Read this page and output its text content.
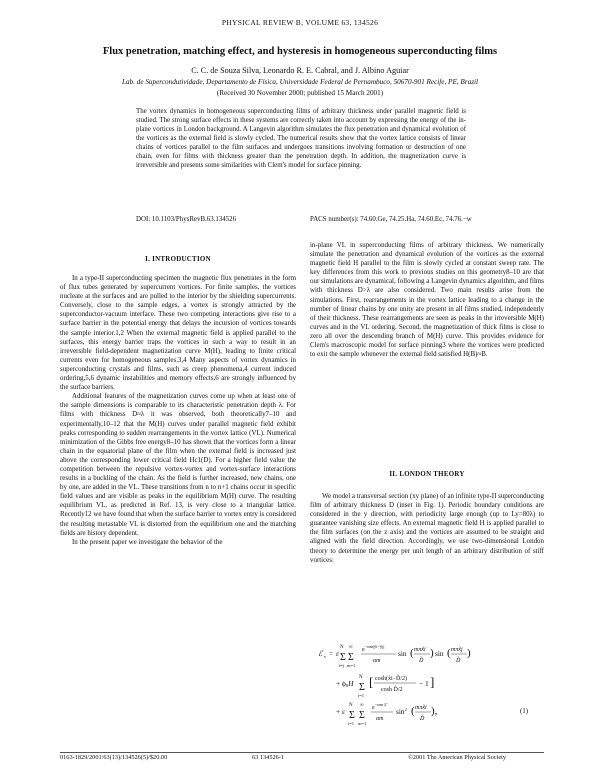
PHYSICAL REVIEW B, VOLUME 63, 134526
Flux penetration, matching effect, and hysteresis in homogeneous superconducting films
C. C. de Souza Silva, Leonardo R. E. Cabral, and J. Albino Aguiar
Lab. de Supercondutividade, Departamento de Física, Universidade Federal de Pernambuco, 50670-901 Recife, PE, Brazil
(Received 30 November 2000; published 15 March 2001)
The vortex dynamics in homogeneous superconducting films of arbitrary thickness under parallel magnetic field is studied. The strong surface effects in these systems are correctly taken into account by expressing the energy of the in-plane vortices in London background. A Langevin algorithm simulates the flux penetration and dynamical evolution of the vortices as the external field is slowly cycled. The numerical results show that the vortex lattice consists of linear chains of vortices parallel to the film surfaces and undergoes transitions involving formation or destruction of one chain, even for films with thickness greater than the penetration depth. In addition, the magnetization curve is irreversible and presents some similarities with Clem's model for surface pinning.
DOI: 10.1103/PhysRevB.63.134526	PACS number(s): 74.60.Ge, 74.25.Ha, 74.60.Ec, 74.76.−w
I. INTRODUCTION

In a type-II superconducting specimen the magnetic flux penetrates in the form of flux tubes generated by supercurrent vortices. For finite samples, the vortices nucleate at the surfaces and are pulled to the interior by the shielding supercurrents. Conversely, close to the sample edges, a vortex is strongly attracted by the superconductor-vacuum interface. These two competing interactions give rise to a surface barrier in the potential energy that delays the incursion of vortices towards the sample interior.1,2 When the external magnetic field is applied parallel to the surfaces, this energy barrier traps the vortices in such a way to result in an irreversible field-dependent magnetization curve M(H), leading to finite critical currents even for homogeneous samples.3,4 Many aspects of vortex dynamics in superconducting crystals and films, such as creep phenomena,4 current induced ordering,5,6 dynamic instabilities and memory effects,6 are strongly influenced by the surface barriers.

Additional features of the magnetization curves come up when at least one of the sample dimensions is comparable to its characteristic penetration depth λ. For films with thickness D≈λ it was observed, both theoretically7–10 and experimentally,10–12 that the M(H) curves under parallel magnetic field exhibit peaks corresponding to sudden rearrangements in the vortex lattice (VL). Numerical minimization of the Gibbs free energy8–10 has shown that the vortices form a linear chain in the equatorial plane of the film when the external field is increased just above the corresponding lower critical field Hc1(D). For a higher field value the competition between the repulsive vortex-vortex and vortex-surface interactions results in a buckling of the chain. As the field is further increased, new chains, one by one, are added in the VL. These transitions from n to n+1 chains occur in specific field values and are visible as peaks in the equilibrium M(H) curve. The resulting equilibrium VL, as predicted in Ref. 13, is very close to a triangular lattice. Recently12 we have found that when the surface barrier to vortex entry is considered the resulting metastable VL is distorted from the equilibrium one and the matching fields are history dependent.

In the present paper we investigate the behavior of the

in-plane VL in superconducting films of arbitrary thickness. We numerically simulate the penetration and dynamical evolution of the vortices as the external magnetic field H parallel to the film is slowly cycled at constant sweep rate. The key differences from this work to previous studies on this geometry8–10 are that our simulations are dynamical, following a Langevin dynamics algorithm, and films with thickness D>λ are also considered. Two main results arise from the simulations. First, rearrangements in the vortex lattice leading to a change in the number of linear chains by one unity are present in all films studied, independently of their thickness. These rearrangements are seen as peaks in the irreversible M(H) curves and in the VL ordering. Second, the magnetization of thick films is close to zero all over the descending branch of M(H) curve. This provides evidence for Clem's macroscopic model for surface pinning3 where the vortices were predicted to exit the sample whenever the external field satisfied H(B)≈B.

II. LONDON THEORY

We model a transversal section (xy plane) of an infinite type-II superconducting film of arbitrary thickness D (inset in Fig. 1). Periodic boundary conditions are considered in the y direction, with periodicity large enough (up to Ly=80λ) to guarantee vanishing size effects. An external magnetic field H is applied parallel to the film surfaces (on the z axis) and the vortices are assumed to be straight and aligned with the field direction. Accordingly, we use two-dimensional London theory to determine the energy per unit length of an arbitrary distribution of stiff vortices:

ℰ v = ε
N
Σ
i≠j
∞
Σ
m=1
$e^{-\alpha m|ỹi-ỹj|}$
αm
sin ( mπx̃i
D̃
) sin ( mπx̃j
D̃
)
+ ϕ0H
N
Σ
i=1
[ cosh(x̃i−D̃/2)
cosh D̃/2
− 1 ]
+ ε
N
Σ
i=1
∞
Σ
m=1
$e^{-\alpha m \xĩ}$
αm
$\sin^2$ ( mπx̃i
D̃
),	(1)
0163-1829/2001/63(13)/134526(5)/$20.00	63 134526-1	©2001 The American Physical Society
